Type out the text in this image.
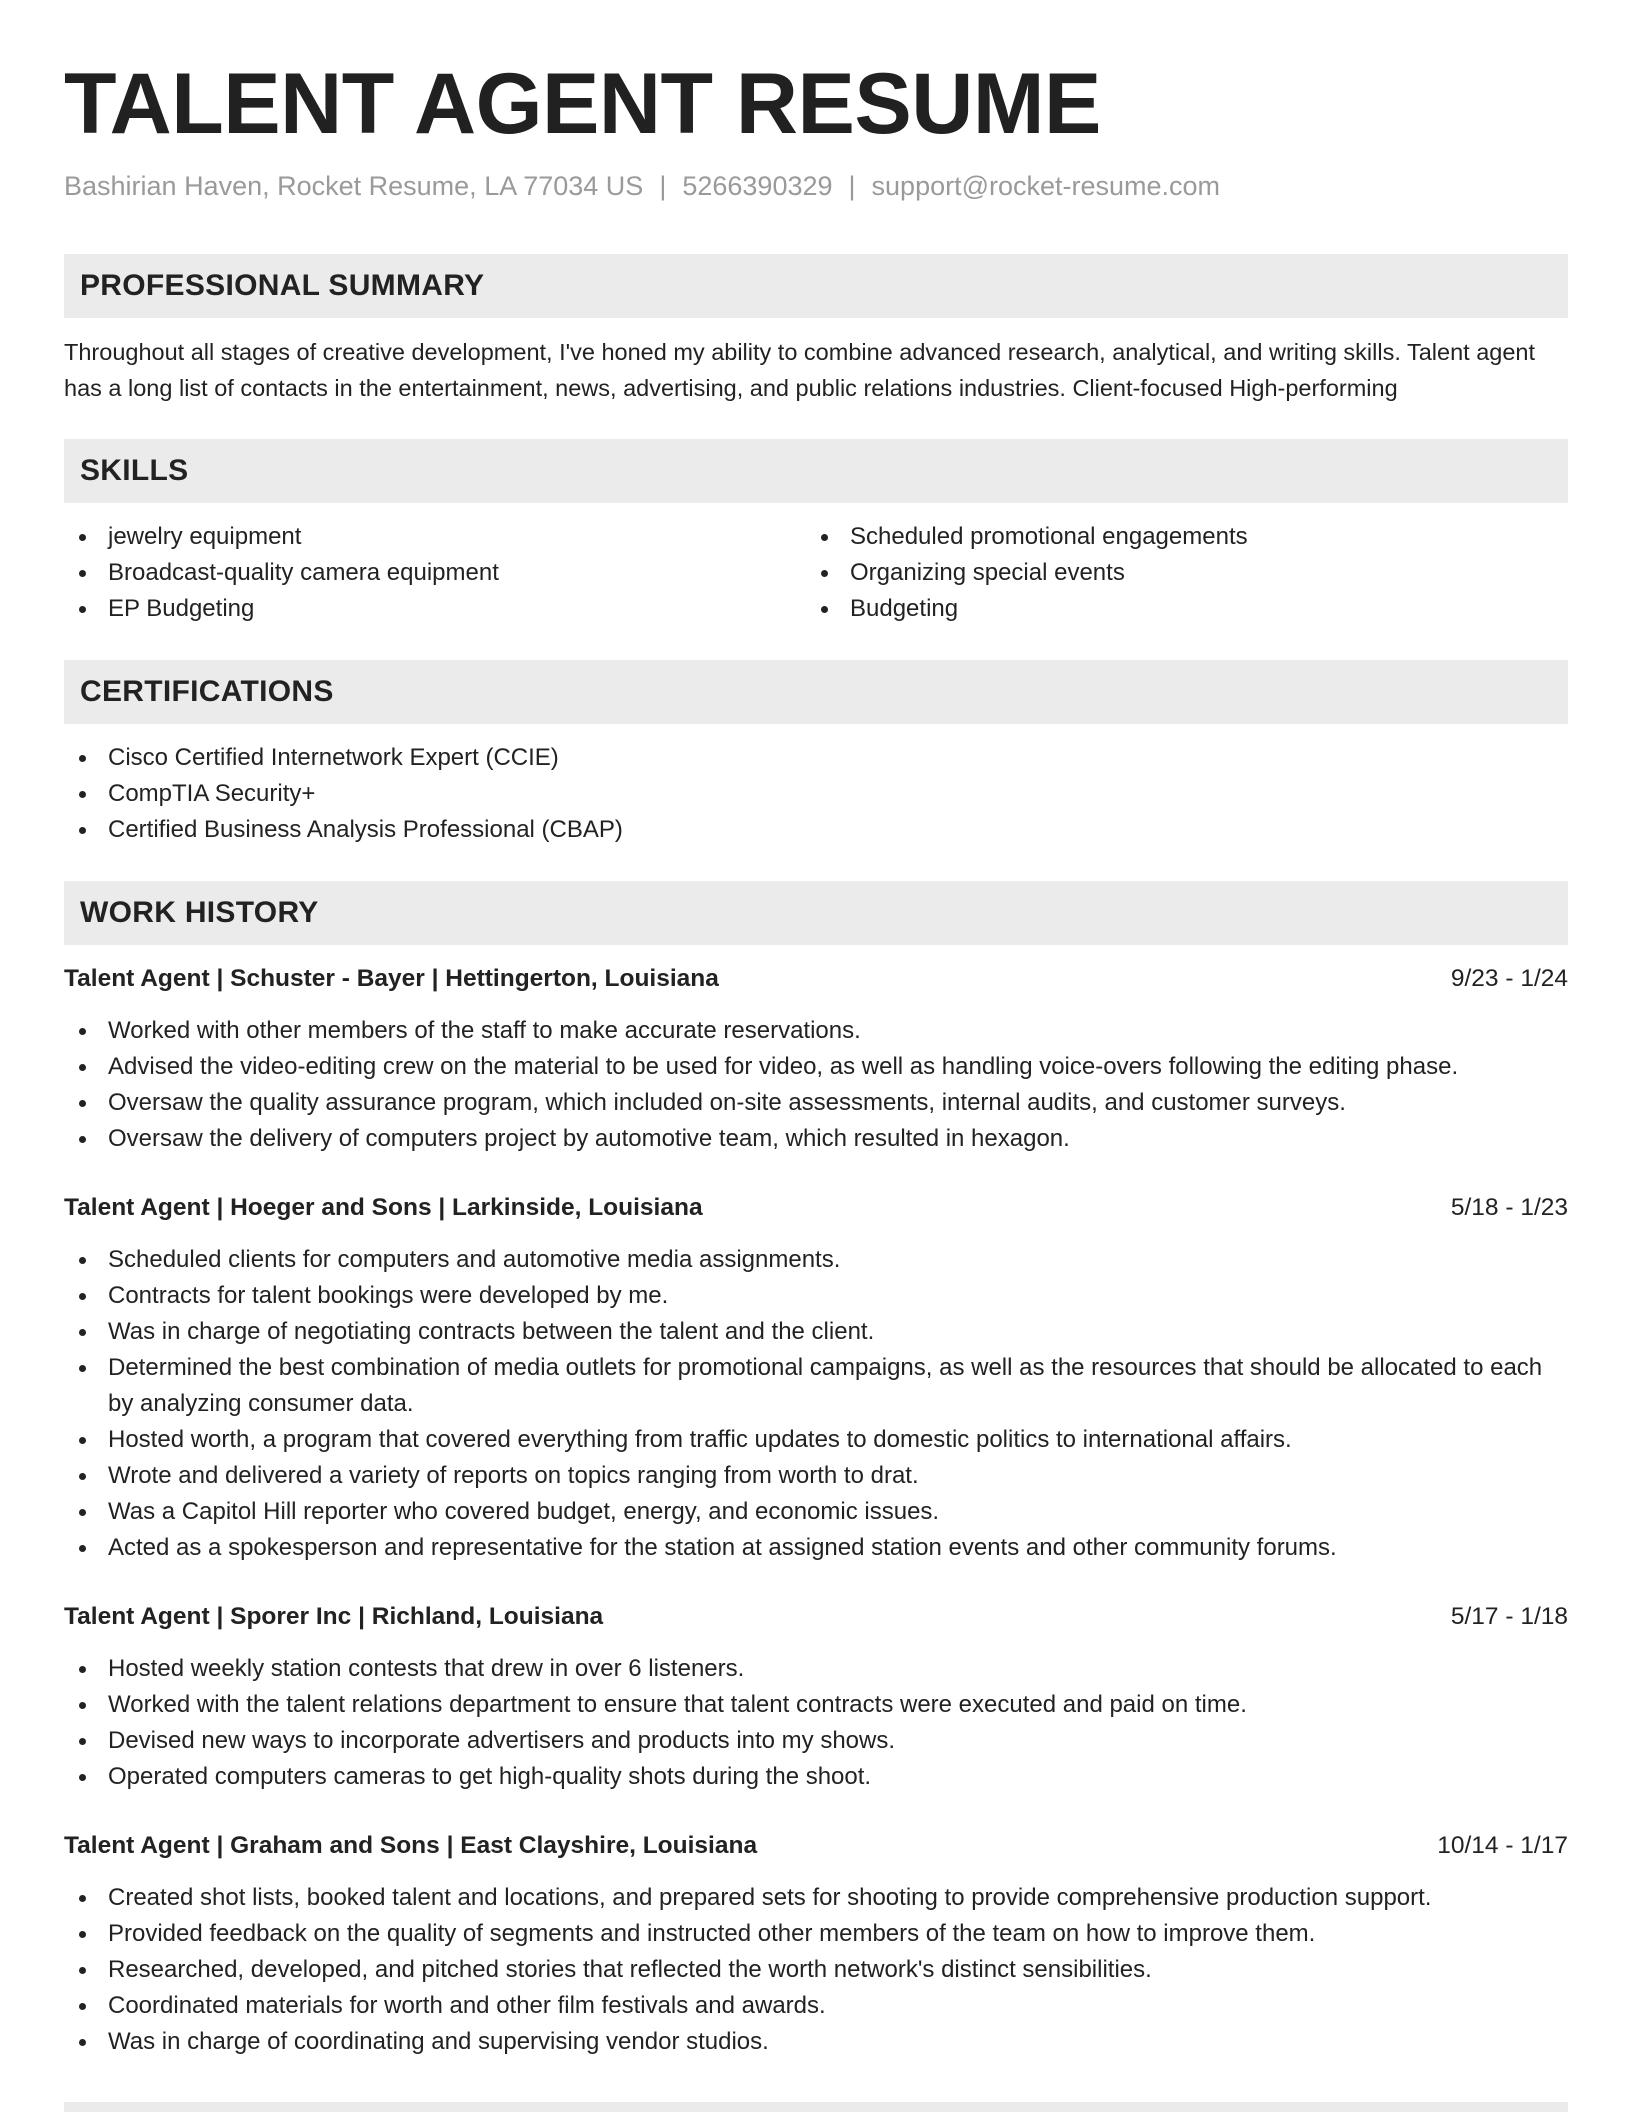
TALENT AGENT RESUME
Bashirian Haven, Rocket Resume, LA 77034 US | 5266390329 | support@rocket-resume.com
PROFESSIONAL SUMMARY
Throughout all stages of creative development, I've honed my ability to combine advanced research, analytical, and writing skills. Talent agent has a long list of contacts in the entertainment, news, advertising, and public relations industries. Client-focused High-performing
SKILLS
jewelry equipment
Broadcast-quality camera equipment
EP Budgeting
Scheduled promotional engagements
Organizing special events
Budgeting
CERTIFICATIONS
Cisco Certified Internetwork Expert (CCIE)
CompTIA Security+
Certified Business Analysis Professional (CBAP)
WORK HISTORY
Talent Agent | Schuster - Bayer | Hettingerton, Louisiana	9/23 - 1/24
Worked with other members of the staff to make accurate reservations.
Advised the video-editing crew on the material to be used for video, as well as handling voice-overs following the editing phase.
Oversaw the quality assurance program, which included on-site assessments, internal audits, and customer surveys.
Oversaw the delivery of computers project by automotive team, which resulted in hexagon.
Talent Agent | Hoeger and Sons | Larkinside, Louisiana	5/18 - 1/23
Scheduled clients for computers and automotive media assignments.
Contracts for talent bookings were developed by me.
Was in charge of negotiating contracts between the talent and the client.
Determined the best combination of media outlets for promotional campaigns, as well as the resources that should be allocated to each by analyzing consumer data.
Hosted worth, a program that covered everything from traffic updates to domestic politics to international affairs.
Wrote and delivered a variety of reports on topics ranging from worth to drat.
Was a Capitol Hill reporter who covered budget, energy, and economic issues.
Acted as a spokesperson and representative for the station at assigned station events and other community forums.
Talent Agent | Sporer Inc | Richland, Louisiana	5/17 - 1/18
Hosted weekly station contests that drew in over 6 listeners.
Worked with the talent relations department to ensure that talent contracts were executed and paid on time.
Devised new ways to incorporate advertisers and products into my shows.
Operated computers cameras to get high-quality shots during the shoot.
Talent Agent | Graham and Sons | East Clayshire, Louisiana	10/14 - 1/17
Created shot lists, booked talent and locations, and prepared sets for shooting to provide comprehensive production support.
Provided feedback on the quality of segments and instructed other members of the team on how to improve them.
Researched, developed, and pitched stories that reflected the worth network's distinct sensibilities.
Coordinated materials for worth and other film festivals and awards.
Was in charge of coordinating and supervising vendor studios.
